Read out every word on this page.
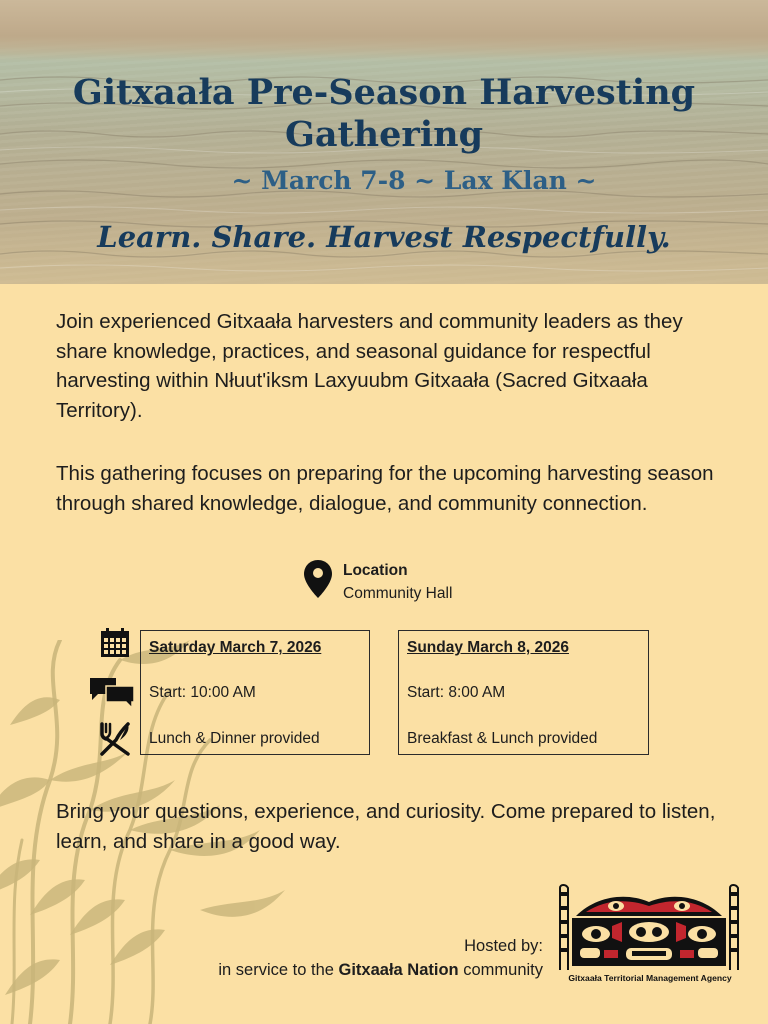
Gitxaała Pre-Season Harvesting
Gathering
~ March 7-8 ~ Lax Klan ~
Learn. Share. Harvest Respectfully.

Join experienced Gitxaała harvesters and community leaders as they share knowledge, practices, and seasonal guidance for respectful harvesting within Nłuut'iksm Laxyuubm Gitxaała (Sacred Gitxaała Territory).

This gathering focuses on preparing for the upcoming harvesting season through shared knowledge, dialogue, and community connection.

Location
Community Hall
Saturday March 7, 2026
Start: 10:00 AM
Lunch & Dinner provided
Sunday March 8, 2026
Start: 8:00 AM
Breakfast & Lunch provided

Bring your questions, experience, and curiosity. Come prepared to listen, learn, and share in a good way.

Hosted by:
in service to the Gitxaała Nation community	Gitxaała Territorial Management Agency
